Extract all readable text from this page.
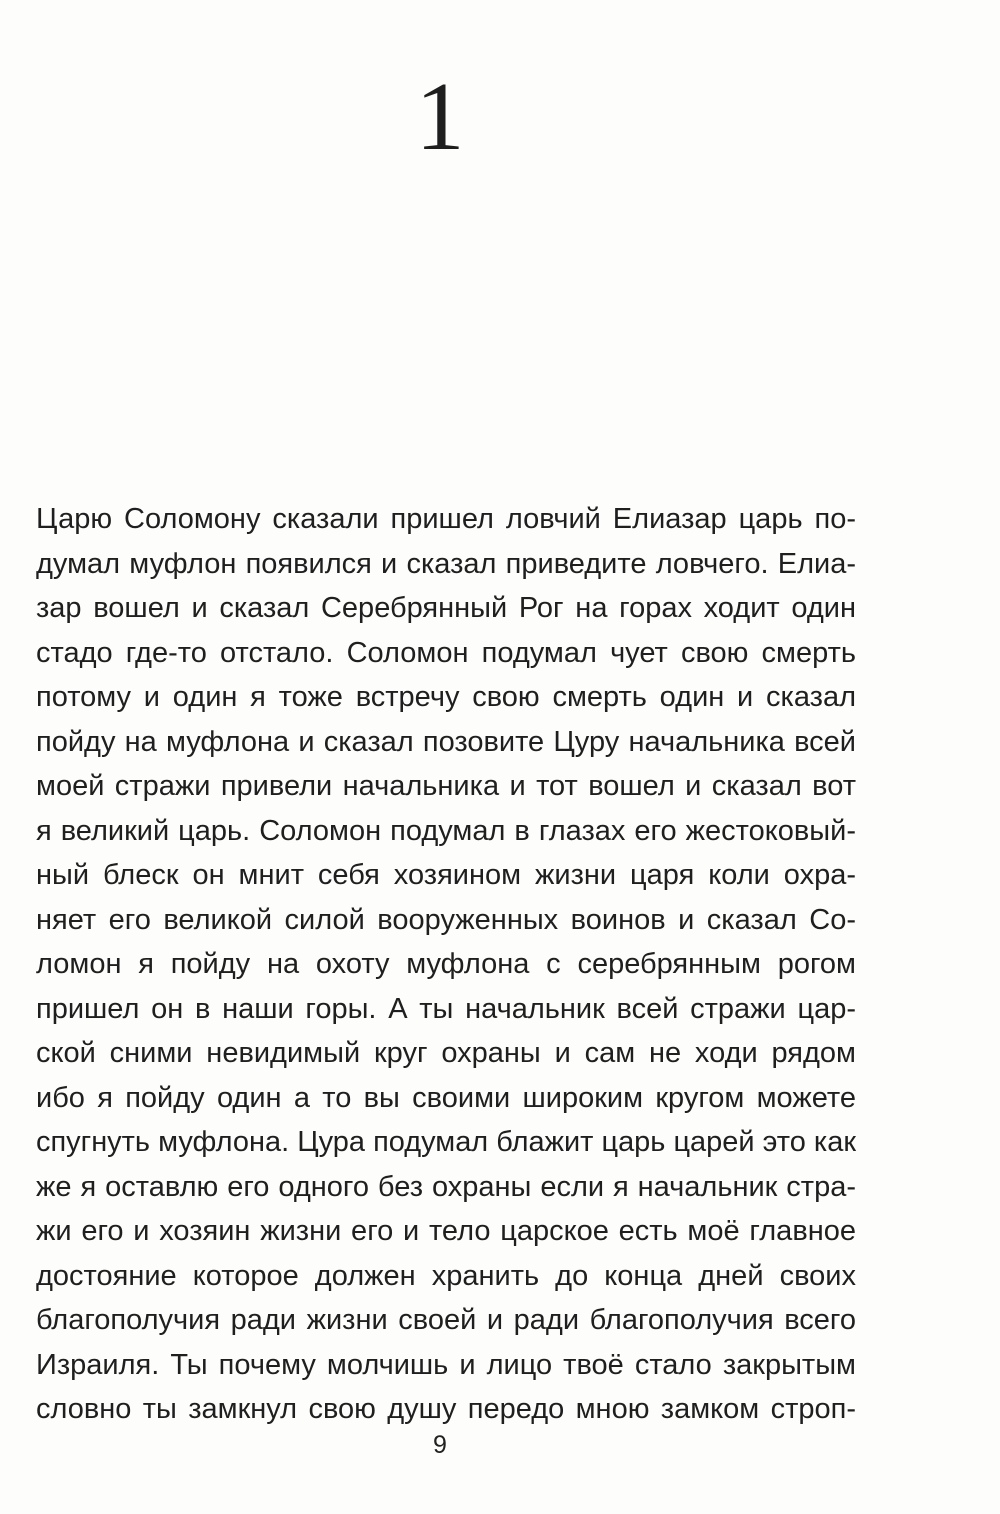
1
Царю Соломону сказали пришел ловчий Елиазар царь по-
думал муфлон появился и сказал приведите ловчего. Елиа-
зар вошел и сказал Серебрянный Рог на горах ходит один
стадо где-то отстало. Соломон подумал чует свою смерть
потому и один я тоже встречу свою смерть один и сказал
пойду на муфлона и сказал позовите Цуру начальника всей
моей стражи привели начальника и тот вошел и сказал вот
я великий царь. Соломон подумал в глазах его жестоковый-
ный блеск он мнит себя хозяином жизни царя коли охра-
няет его великой силой вооруженных воинов и сказал Со-
ломон я пойду на охоту муфлона с серебрянным рогом
пришел он в наши горы. А ты начальник всей стражи цар-
ской сними невидимый круг охраны и сам не ходи рядом
ибо я пойду один а то вы своими широким кругом можете
спугнуть муфлона. Цура подумал блажит царь царей это как
же я оставлю его одного без охраны если я начальник стра-
жи его и хозяин жизни его и тело царское есть моё главное
достояние которое должен хранить до конца дней своих
благополучия ради жизни своей и ради благополучия всего
Израиля. Ты почему молчишь и лицо твоё стало закрытым
словно ты замкнул свою душу передо мною замком строп-
9
